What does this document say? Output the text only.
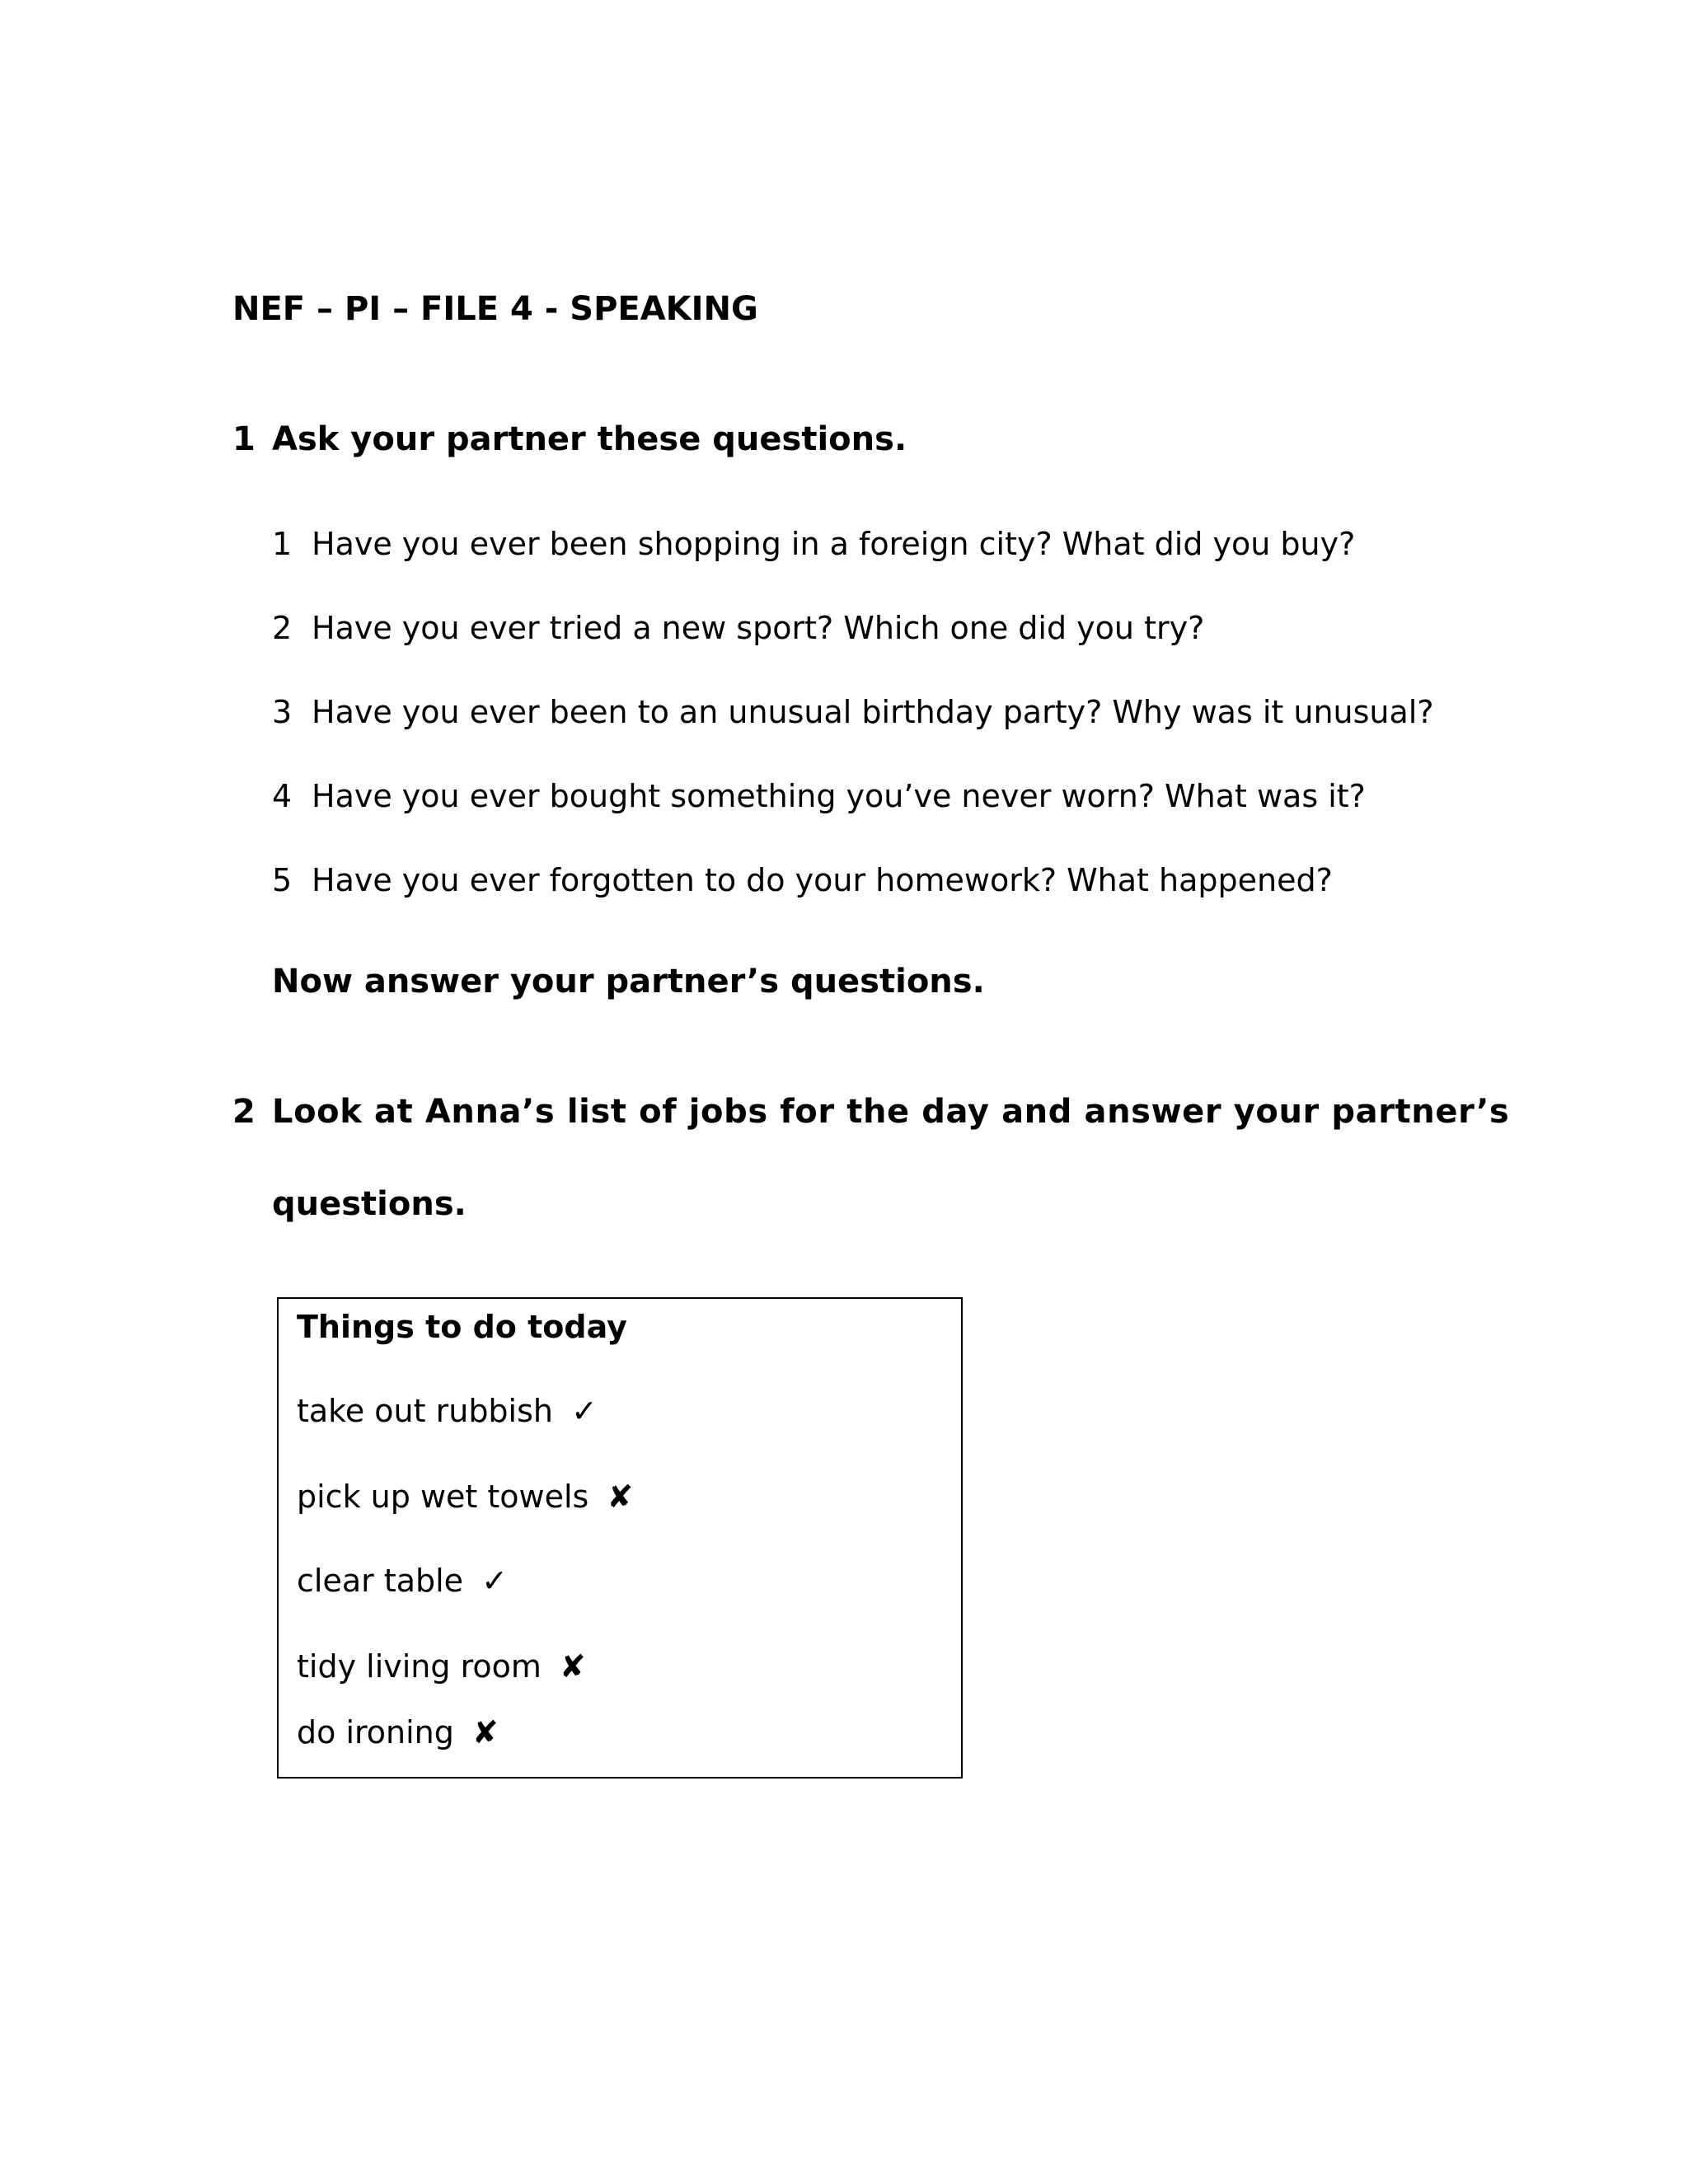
NEF – PI – FILE 4 - SPEAKING
1 Ask your partner these questions.
1 Have you ever been shopping in a foreign city? What did you buy?
2 Have you ever tried a new sport? Which one did you try?
3 Have you ever been to an unusual birthday party? Why was it unusual?
4 Have you ever bought something you’ve never worn? What was it?
5 Have you ever forgotten to do your homework? What happened?
Now answer your partner’s questions.
2 Look at Anna’s list of jobs for the day and answer your partner’s
questions.
Things to do today
take out rubbish ✓
pick up wet towels ✘
clear table ✓
tidy living room ✘
do ironing ✘
